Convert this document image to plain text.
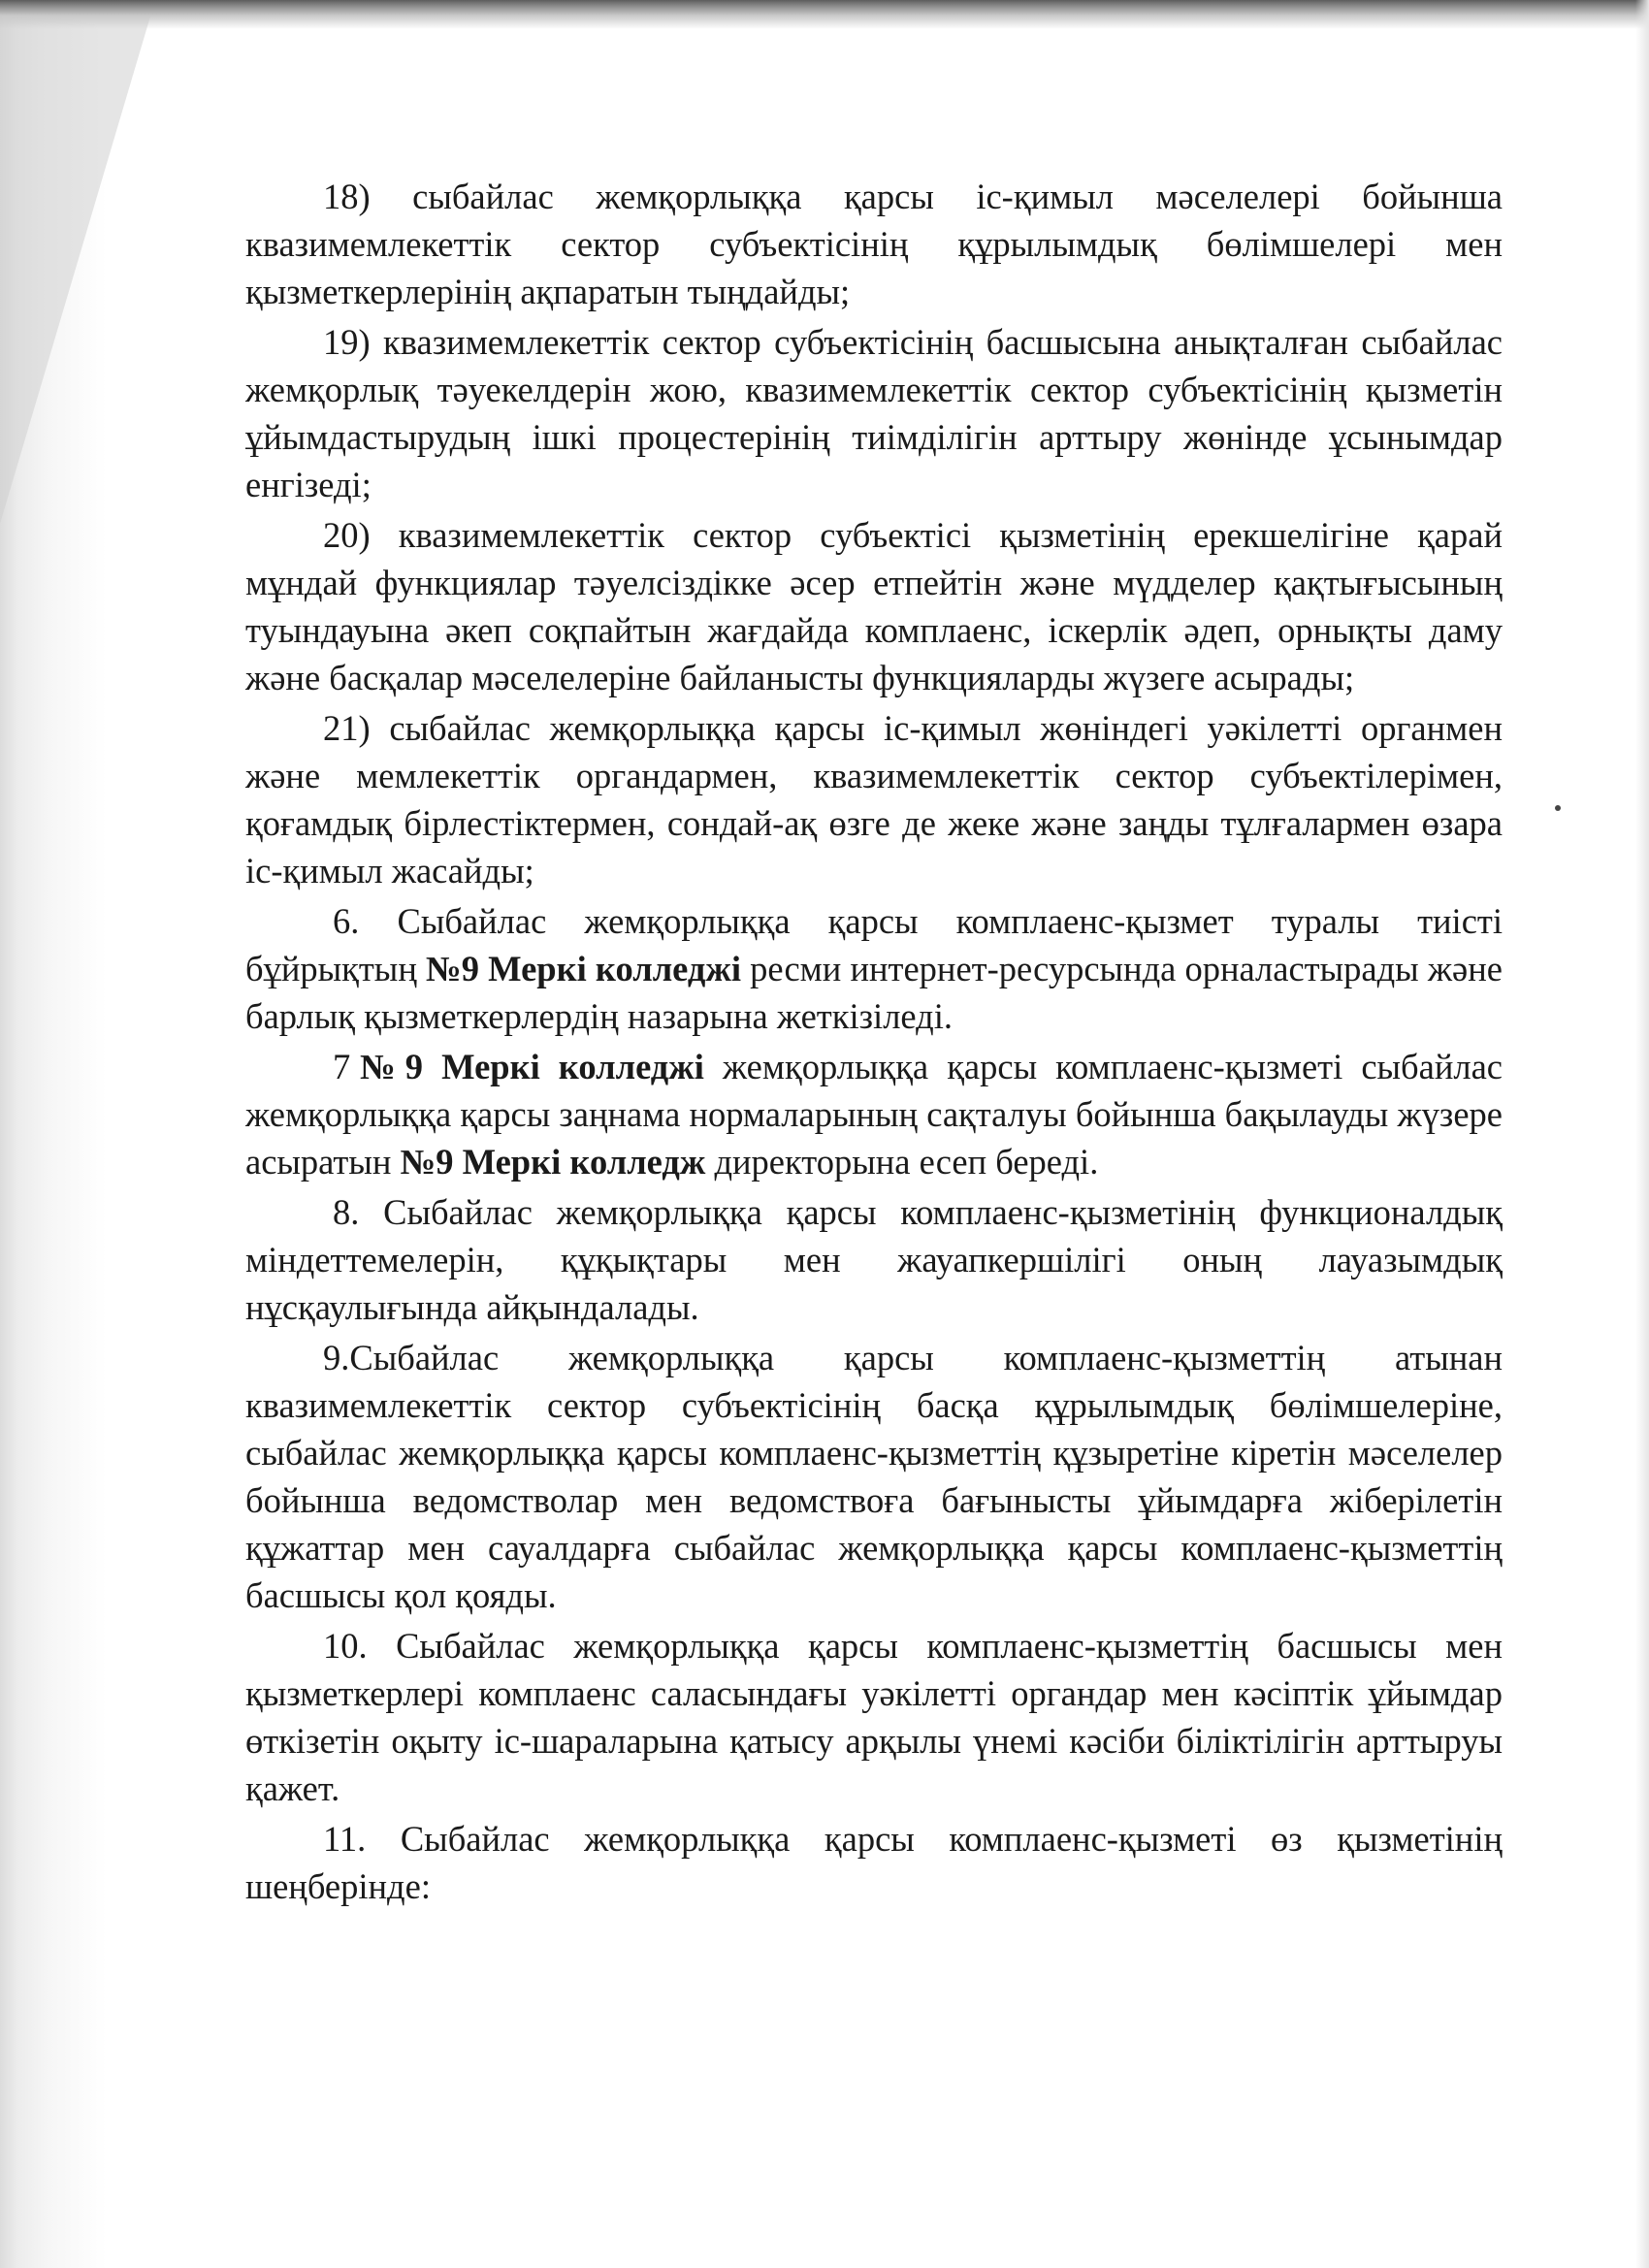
18) сыбайлас жемқорлыққа қарсы іс-қимыл мәселелері бойынша квазимемлекеттік сектор субъектісінің құрылымдық бөлімшелері мен қызметкерлерінің ақпаратын тыңдайды;

19) квазимемлекеттік сектор субъектісінің басшысына анықталған сыбайлас жемқорлық тәуекелдерін жою, квазимемлекеттік сектор субъектісінің қызметін ұйымдастырудың ішкі процестерінің тиімділігін арттыру жөнінде ұсынымдар енгізеді;

20) квазимемлекеттік сектор субъектісі қызметінің ерекшелігіне қарай мұндай функциялар тәуелсіздікке әсер етпейтін және мүдделер қақтығысының туындауына әкеп соқпайтын жағдайда комплаенс, іскерлік әдеп, орнықты даму және басқалар мәселелеріне байланысты функцияларды жүзеге асырады;

21) сыбайлас жемқорлыққа қарсы іс-қимыл жөніндегі уәкілетті органмен және мемлекеттік органдармен, квазимемлекеттік сектор субъектілерімен, қоғамдық бірлестіктермен, сондай-ақ өзге де жеке және заңды тұлғалармен өзара іс-қимыл жасайды;

6. Сыбайлас жемқорлыққа қарсы комплаенс-қызмет туралы тиісті бұйрықтың №9 Меркі колледжі ресми интернет-ресурсында орналастырады және барлық қызметкерлердің назарына жеткізіледі.

7№9 Меркі колледжі жемқорлыққа қарсы комплаенс-қызметі сыбайлас жемқорлыққа қарсы заңнама нормаларының сақталуы бойынша бақылауды жүзере асыратын №9 Меркі колледж директорына есеп береді.

8. Сыбайлас жемқорлыққа қарсы комплаенс-қызметінің функционалдық міндеттемелерін, құқықтары мен жауапкершілігі оның лауазымдық нұсқаулығында айқындалады.

9.Сыбайлас жемқорлыққа қарсы комплаенс-қызметтің атынан квазимемлекеттік сектор субъектісінің басқа құрылымдық бөлімшелеріне, сыбайлас жемқорлыққа қарсы комплаенс-қызметтің құзыретіне кіретін мәселелер бойынша ведомстволар мен ведомствоға бағынысты ұйымдарға жіберілетін құжаттар мен сауалдарға сыбайлас жемқорлыққа қарсы комплаенс-қызметтің басшысы қол қояды.

10. Сыбайлас жемқорлыққа қарсы комплаенс-қызметтің басшысы мен қызметкерлері комплаенс саласындағы уәкілетті органдар мен кәсіптік ұйымдар өткізетін оқыту іс-шараларына қатысу арқылы үнемі кәсіби біліктілігін арттыруы қажет.

11. Сыбайлас жемқорлыққа қарсы комплаенс-қызметі өз қызметінің шеңберінде:
